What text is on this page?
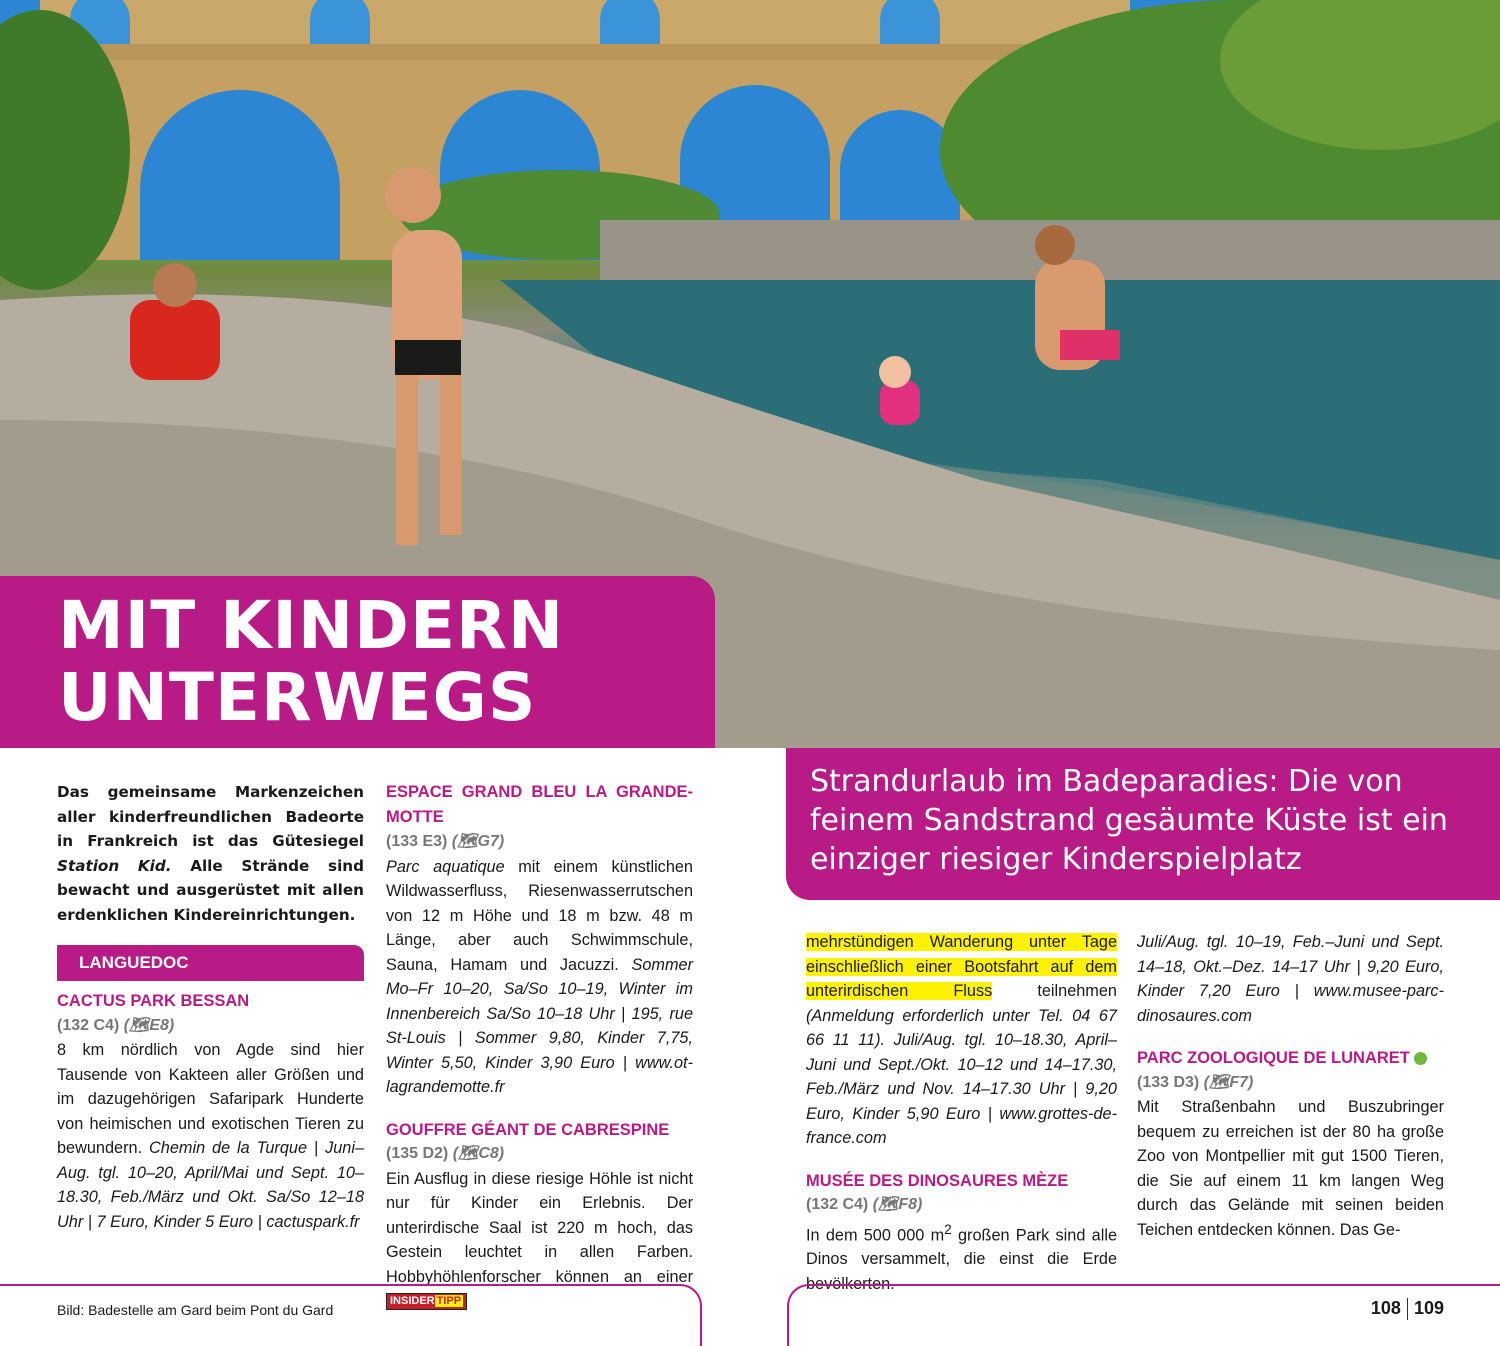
MIT KINDERN
UNTERWEGS

Strandurlaub im Badeparadies: Die von feinem Sandstrand gesäumte Küste ist ein einziger riesiger Kinderspielplatz

Das gemeinsame Markenzeichen aller kinderfreundlichen Badeorte in Frankreich ist das Gütesiegel Station Kid. Alle Strände sind bewacht und ausgerüstet mit allen erdenklichen Kindereinrichtungen.

LANGUEDOC

CACTUS PARK BESSAN

(132 C4) (🗺E8)

8 km nördlich von Agde sind hier Tausende von Kakteen aller Größen und im dazugehörigen Safaripark Hunderte von heimischen und exotischen Tieren zu bewundern. Chemin de la Turque | Juni–Aug. tgl. 10–20, April/Mai und Sept. 10–18.30, Feb./März und Okt. Sa/So 12–18 Uhr | 7 Euro, Kinder 5 Euro | cactuspark.fr

ESPACE GRAND BLEU LA GRANDE-MOTTE

(133 E3) (🗺G7)
Parc aquatique mit einem künstlichen Wildwasserfluss, Riesenwasserrutschen von 12 m Höhe und 18 m bzw. 48 m Länge, aber auch Schwimmschule, Sauna, Hamam und Jacuzzi. Sommer Mo–Fr 10–20, Sa/So 10–19, Winter im Innenbereich Sa/So 10–18 Uhr | 195, rue St-Louis | Sommer 9,80, Kinder 7,75, Winter 5,50, Kinder 3,90 Euro | www.ot-lagrandemotte.fr

GOUFFRE GÉANT DE CABRESPINE

(135 D2) (🗺C8)

Ein Ausflug in diese riesige Höhle ist nicht nur für Kinder ein Erlebnis. Der unterirdische Saal ist 220 m hoch, das Gestein leuchtet in allen Farben. Hobbyhöhlenforscher können an einer INSIDER TIPP

mehrstündigen Wanderung unter Tage einschließlich einer Bootsfahrt auf dem unterirdischen Fluss teilnehmen (Anmeldung erforderlich unter Tel. 04 67 66 11 11). Juli/Aug. tgl. 10–18.30, April–Juni und Sept./Okt. 10–12 und 14–17.30, Feb./März und Nov. 14–17.30 Uhr | 9,20 Euro, Kinder 5,90 Euro | www.grottes-de-france.com

MUSÉE DES DINOSAURES MÈZE

(132 C4) (🗺F8)

In dem 500 000 $m^2$ großen Park sind alle Dinos versammelt, die einst die Erde bevölkerten.

Juli/Aug. tgl. 10–19, Feb.–Juni und Sept. 14–18, Okt.–Dez. 14–17 Uhr | 9,20 Euro, Kinder 7,20 Euro | www.musee-parc-dinosaures.com

PARC ZOOLOGIQUE DE LUNARET

(133 D3) (🗺F7)

Mit Straßenbahn und Buszubringer bequem zu erreichen ist der 80 ha große Zoo von Montpellier mit gut 1500 Tieren, die Sie auf einem 11 km langen Weg durch das Gelände mit seinen beiden Teichen entdecken können. Das Ge-

Bild: Badestelle am Gard beim Pont du Gard	108 109
